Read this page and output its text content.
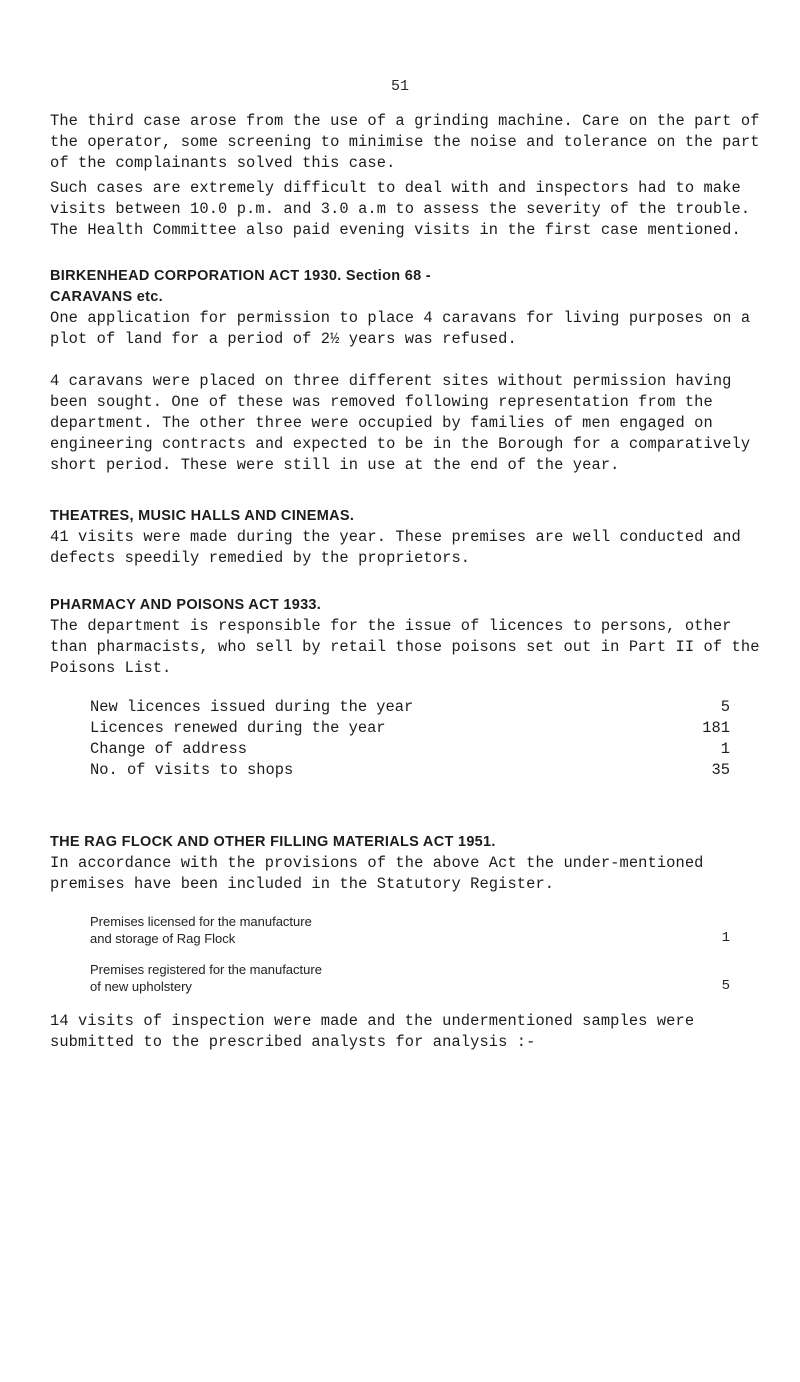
51

The third case arose from the use of a grinding machine. Care on the part of the operator, some screening to minimise the noise and tolerance on the part of the complainants solved this case.

Such cases are extremely difficult to deal with and inspectors had to make visits between 10.0 p.m. and 3.0 a.m to assess the severity of the trouble. The Health Committee also paid evening visits in the first case mentioned.

BIRKENHEAD CORPORATION ACT 1930. Section 68 -

CARAVANS etc.

One application for permission to place 4 caravans for living purposes on a plot of land for a period of 2½ years was refused.

4 caravans were placed on three different sites without permission having been sought. One of these was removed following representation from the department. The other three were occupied by families of men engaged on engineering contracts and expected to be in the Borough for a comparatively short period. These were still in use at the end of the year.

THEATRES, MUSIC HALLS AND CINEMAS.

41 visits were made during the year. These premises are well conducted and defects speedily remedied by the proprietors.

PHARMACY AND POISONS ACT 1933.

The department is responsible for the issue of licences to persons, other than pharmacists, who sell by retail those poisons set out in Part II of the Poisons List.

New licences issued during the year	5
Licences renewed during the year	181
Change of address	1
No. of visits to shops	35

THE RAG FLOCK AND OTHER FILLING MATERIALS ACT 1951.

In accordance with the provisions of the above Act the under-mentioned premises have been included in the Statutory Register.

Premises licensed for the manufacture
and storage of Rag Flock	1
Premises registered for the manufacture
of new upholstery	5

14 visits of inspection were made and the undermentioned samples were submitted to the prescribed analysts for analysis :-
